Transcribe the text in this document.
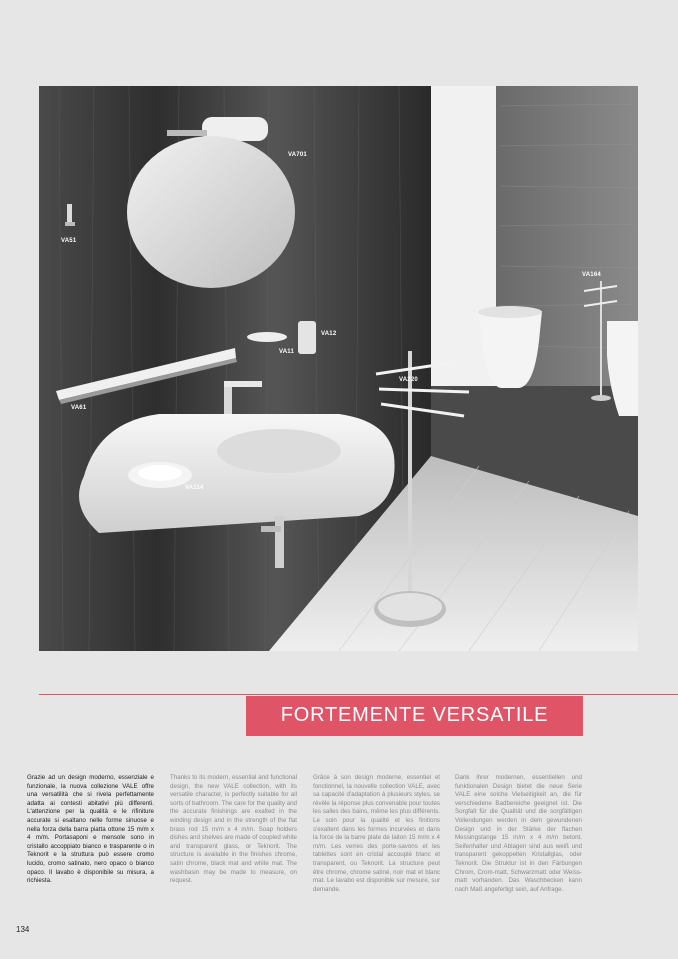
VA701
VA51
VA164
VA12
VA11
VA220
VA61
VA114
FORTEMENTE VERSATILE
Grazie ad un design moderno, essenziale e funzionale, la nuova collezione VALE offre una versatilità che si rivela perfettamente adatta ai contesti abitativi più differenti. L'attenzione per la qualità e le rifiniture accurate si esaltano nelle forme sinuose e nella forza della barra piatta ottone 15 m/m x 4 m/m. Portasaponi e mensole sono in cristallo accoppiato bianco e trasparente o in Teknorit e la struttura può essere cromo lucido, cromo satinato, nero opaco o bianco opaco. Il lavabo è disponibile su misura, a richiesta.
Thanks to its modern, essential and functional design, the new VALE collection, with its versatile character, is perfectly suitable for all sorts of bathroom. The care for the quality and the accurate finishings are exalted in the winding design and in the strength of the flat brass rod 15 m/m x 4 m/m. Soap holders dishes and shelves are made of coupled white and transparent glass, or Teknorit. The structure is available in the finishes chrome, satin chrome, black mat and white mat. The washbasin may be made to measure, on request.
Grâce à son design moderne, essentiel et fonctionnel, la nouvelle collection VALE, avec sa capacité d'adaptation à plusieurs styles, se révèle la réponse plus convenable pour toutes les salles des bains, même les plus différents. Le soin pour la qualité et les finitions s'exaltent dans les formes incurvées et dans la force de la barre plate de laiton 15 m/m x 4 m/m. Les verres des porte-savons et les tablettes sont en cristal accouplé blanc et transparent, ou Teknorit. La structure peut être chrome, chrome satiné, noir mat et blanc mat. Le lavabo est disponible sur mesure, sur demande.
Dank ihrer modernen, essentiellen und funktionalen Design bietet die neue Serie VALE eine solche Vielseitigkeit an, die für verschiedene Badbereiche geeignet ist. Die Sorgfalt für die Qualität und die sorgfältigen Vollendungen werden in dem gewundenen Design und in der Stärke der flachen Messingstange 15 m/m x 4 m/m betont. Seifenhalter und Ablagen sind aus weiß und transparent gekoppelten Kristallglas, oder Teknorit. Die Struktur ist in den Färbungen Chrom, Crom-matt, Schwarzmatt oder Weiss-matt vorhanden. Das Waschbecken kann nach Maß angefertigt sein, auf Anfrage.
134
